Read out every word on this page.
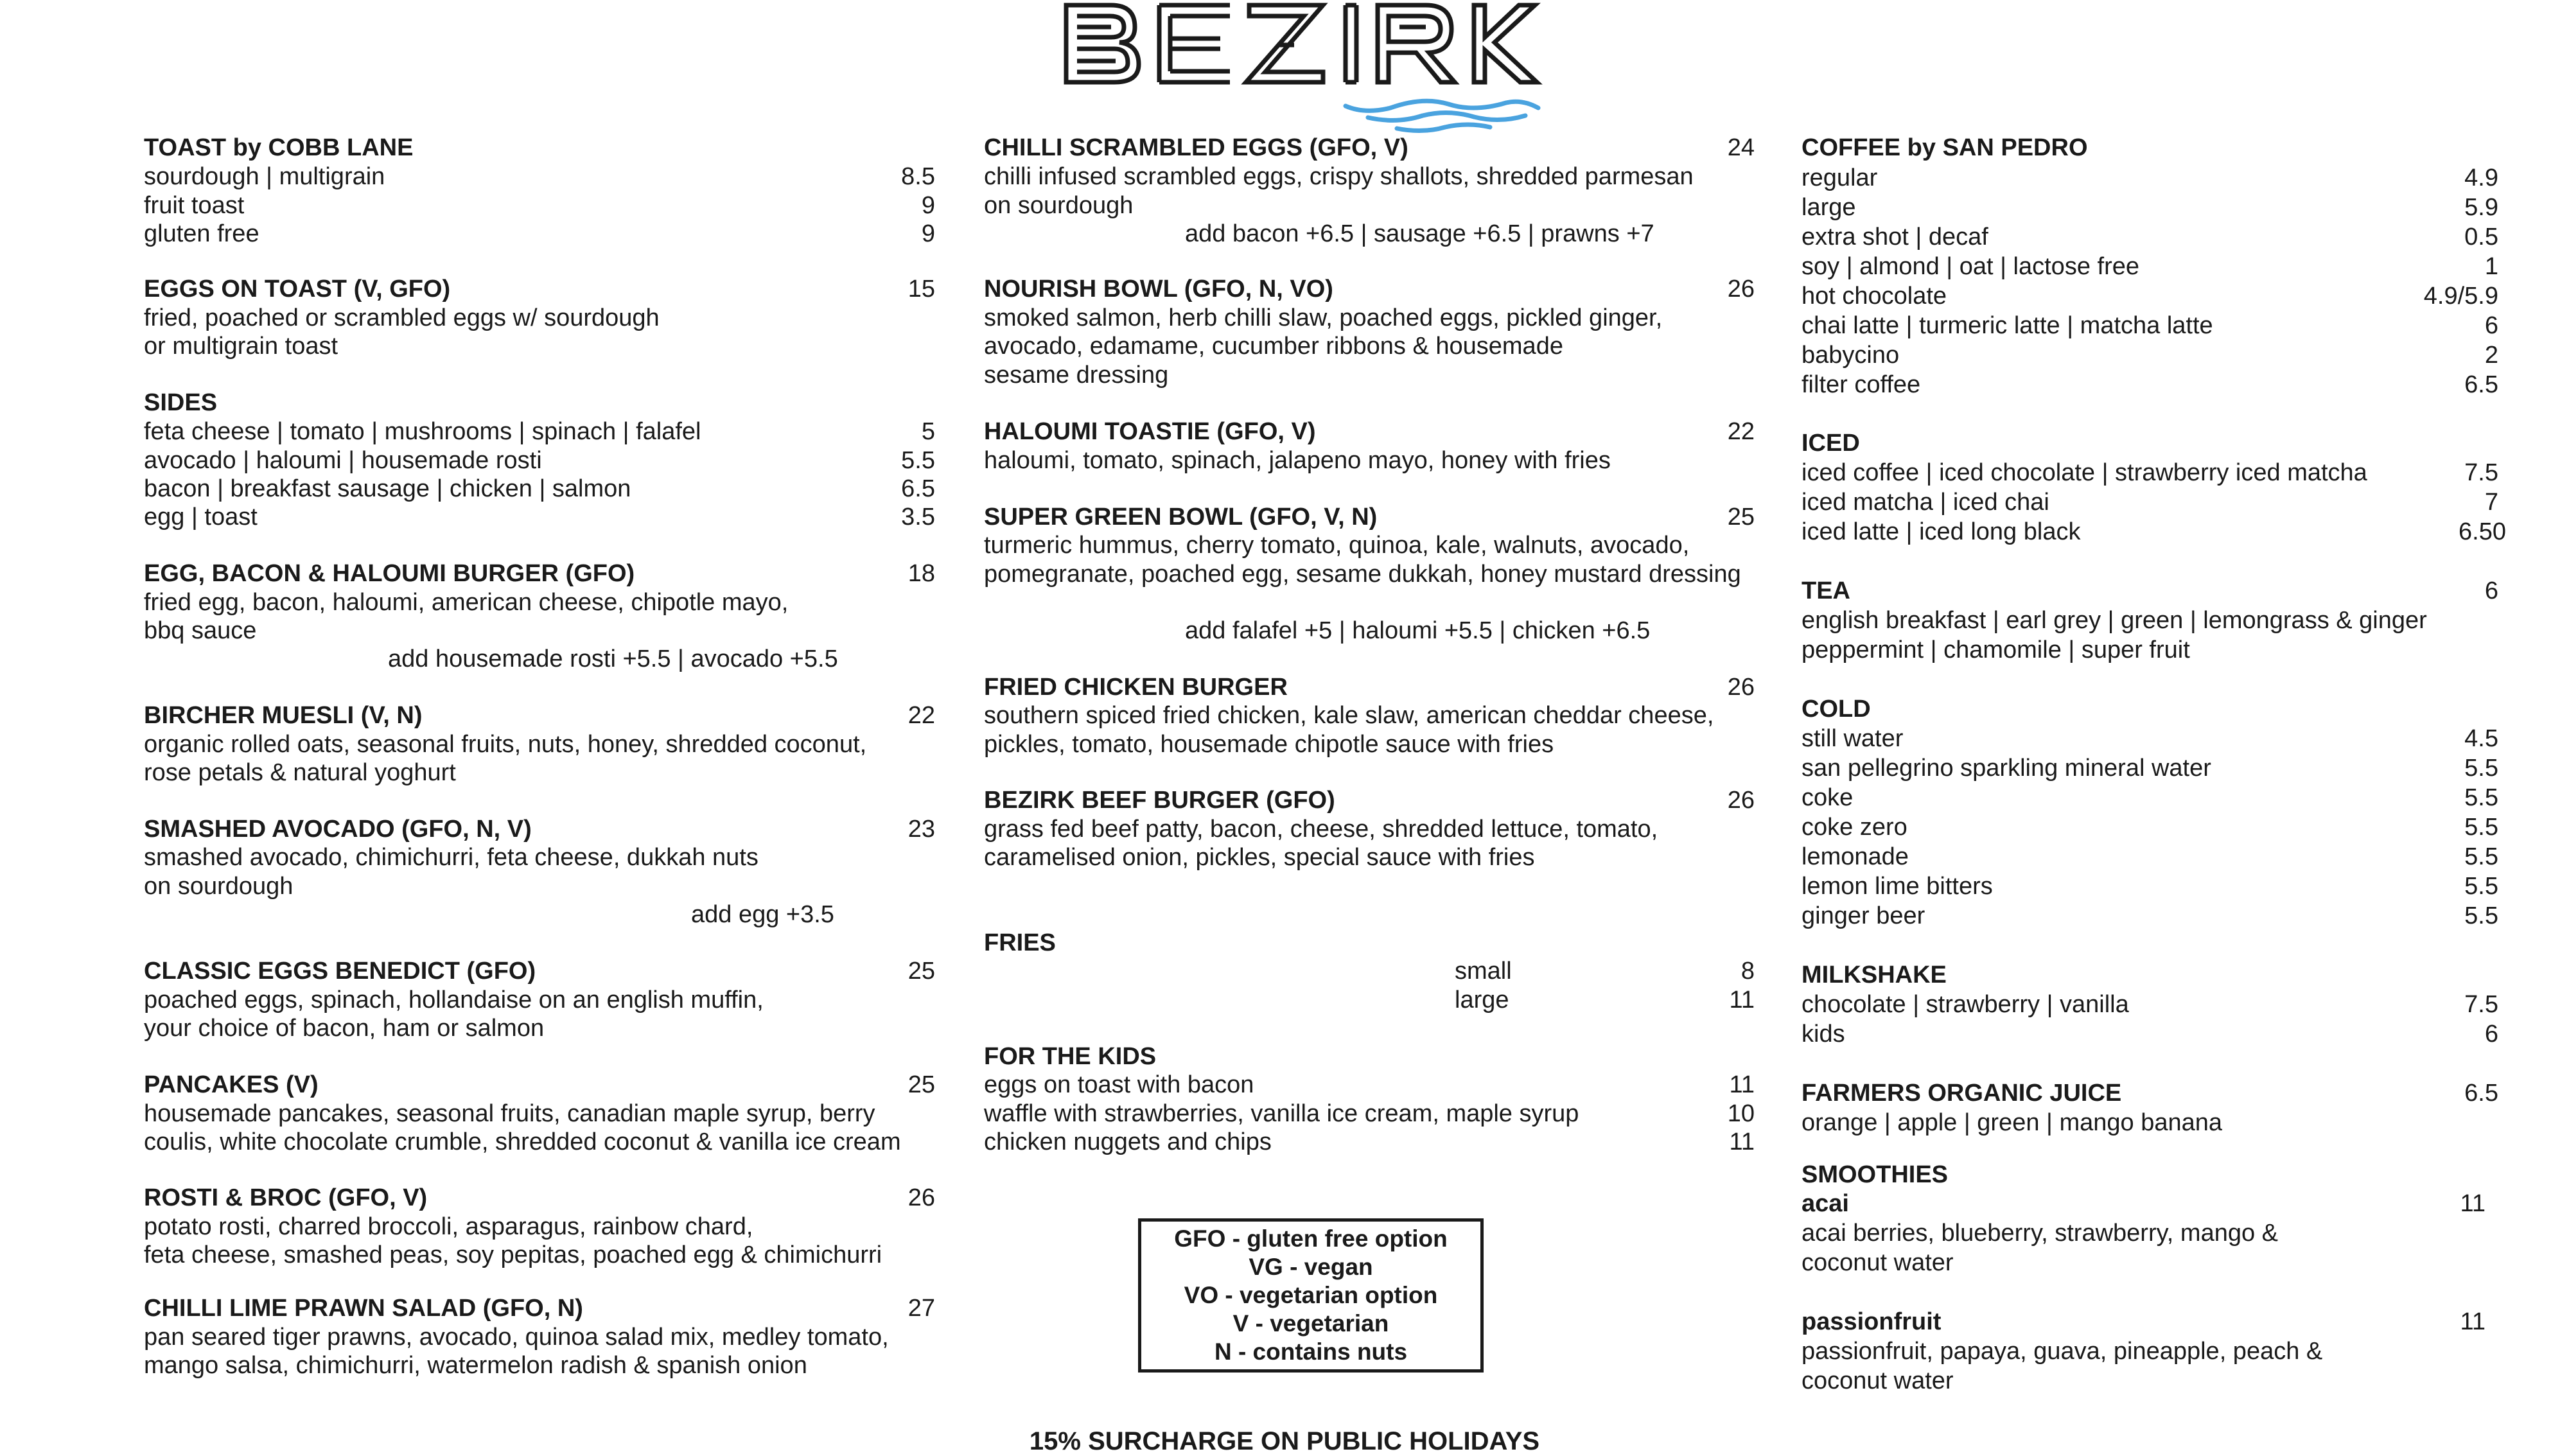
TOAST by COBB LANE
sourdough | multigrain	8.5
fruit toast	9
gluten free	9
EGGS ON TOAST (V, GFO)	15
fried, poached or scrambled eggs w/ sourdough
or multigrain toast
SIDES
feta cheese | tomato | mushrooms | spinach | falafel	5
avocado | haloumi | housemade rosti	5.5
bacon | breakfast sausage | chicken | salmon	6.5
egg | toast	3.5
EGG, BACON & HALOUMI BURGER (GFO)	18
fried egg, bacon, haloumi, american cheese, chipotle mayo,
bbq sauce
add housemade rosti +5.5 | avocado +5.5
BIRCHER MUESLI (V, N)	22
organic rolled oats, seasonal fruits, nuts, honey, shredded coconut,
rose petals & natural yoghurt
SMASHED AVOCADO (GFO, N, V)	23
smashed avocado, chimichurri, feta cheese, dukkah nuts
on sourdough
add egg +3.5
CLASSIC EGGS BENEDICT (GFO)	25
poached eggs, spinach, hollandaise on an english muffin,
your choice of bacon, ham or salmon
PANCAKES (V)	25
housemade pancakes, seasonal fruits, canadian maple syrup, berry
coulis, white chocolate crumble, shredded coconut & vanilla ice cream
ROSTI & BROC (GFO, V)	26
potato rosti, charred broccoli, asparagus, rainbow chard,
feta cheese, smashed peas, soy pepitas, poached egg & chimichurri
CHILLI LIME PRAWN SALAD (GFO, N)	27
pan seared tiger prawns, avocado, quinoa salad mix, medley tomato,
mango salsa, chimichurri, watermelon radish & spanish onion
CHILLI SCRAMBLED EGGS (GFO, V)	24
chilli infused scrambled eggs, crispy shallots, shredded parmesan
on sourdough
add bacon +6.5 | sausage +6.5 | prawns +7
NOURISH BOWL (GFO, N, VO)	26
smoked salmon, herb chilli slaw, poached eggs, pickled ginger,
avocado, edamame, cucumber ribbons & housemade
sesame dressing
HALOUMI TOASTIE (GFO, V)	22
haloumi, tomato, spinach, jalapeno mayo, honey with fries
SUPER GREEN BOWL (GFO, V, N)	25
turmeric hummus, cherry tomato, quinoa, kale, walnuts, avocado,
pomegranate, poached egg, sesame dukkah, honey mustard dressing
add falafel +5 | haloumi +5.5 | chicken +6.5
FRIED CHICKEN BURGER	26
southern spiced fried chicken, kale slaw, american cheddar cheese,
pickles, tomato, housemade chipotle sauce with fries
BEZIRK BEEF BURGER (GFO)	26
grass fed beef patty, bacon, cheese, shredded lettuce, tomato,
caramelised onion, pickles, special sauce with fries
FRIES
small	8
large	11
FOR THE KIDS
eggs on toast with bacon	11
waffle with strawberries, vanilla ice cream, maple syrup	10
chicken nuggets and chips	11
GFO - gluten free option
VG - vegan
VO - vegetarian option
V - vegetarian
N - contains nuts
COFFEE by SAN PEDRO
regular	4.9
large	5.9
extra shot | decaf	0.5
soy | almond | oat | lactose free	1
hot chocolate	4.9/5.9
chai latte | turmeric latte | matcha latte	6
babycino	2
filter coffee	6.5
ICED
iced coffee | iced chocolate | strawberry iced matcha	7.5
iced matcha | iced chai	7
iced latte | iced long black	6.50
TEA	6
english breakfast | earl grey | green | lemongrass & ginger
peppermint | chamomile | super fruit
COLD
still water	4.5
san pellegrino sparkling mineral water	5.5
coke	5.5
coke zero	5.5
lemonade	5.5
lemon lime bitters	5.5
ginger beer	5.5
MILKSHAKE
chocolate | strawberry | vanilla	7.5
kids	6
FARMERS ORGANIC JUICE	6.5
orange | apple | green | mango banana
SMOOTHIES
acai	11
acai berries, blueberry, strawberry, mango &
coconut water
passionfruit	11
passionfruit, papaya, guava, pineapple, peach &
coconut water
15% SURCHARGE ON PUBLIC HOLIDAYS
